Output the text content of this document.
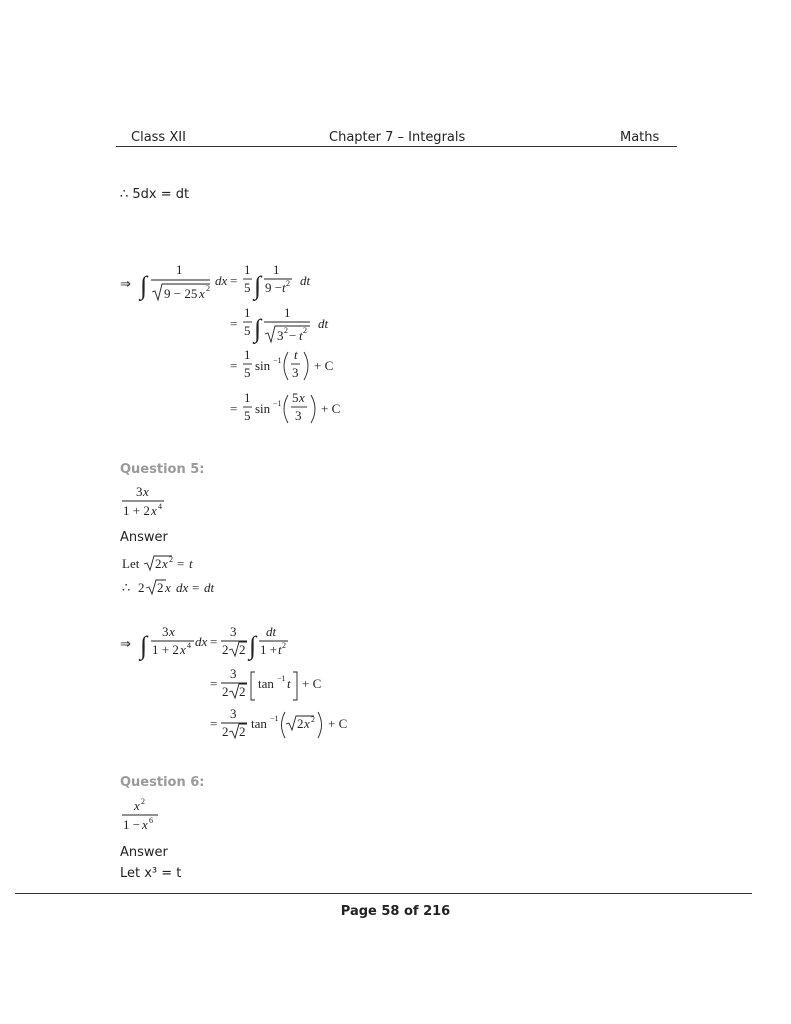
Class XII	Chapter 7 – Integrals	Maths
∴ 5dx = dt
⇒ ∫
1
9 − 25 x 2
dx =
1
5 ∫
1
9 − t 2 dt
=
1
5 ∫
1
3 2 − t 2 dt
=
1
5 sin −1 t
3 + C
=
1
5 sin −1 5 x
3 + C
Question 5:
3 x
1 + 2 x 4
Answer
Let 2 x 2 = t
∴ 2 2 x dx = dt
⇒ ∫ 3 x
1 + 2 x 4 dx =
3
2 2 ∫ dt
1 + t 2
=
3
2 2
tan −1 t + C
=
3
2 2
tan −1 2 x 2 + C
Question 6:
x 2
1 − x 6
Answer
Let x³ = t
Page 58 of 216
